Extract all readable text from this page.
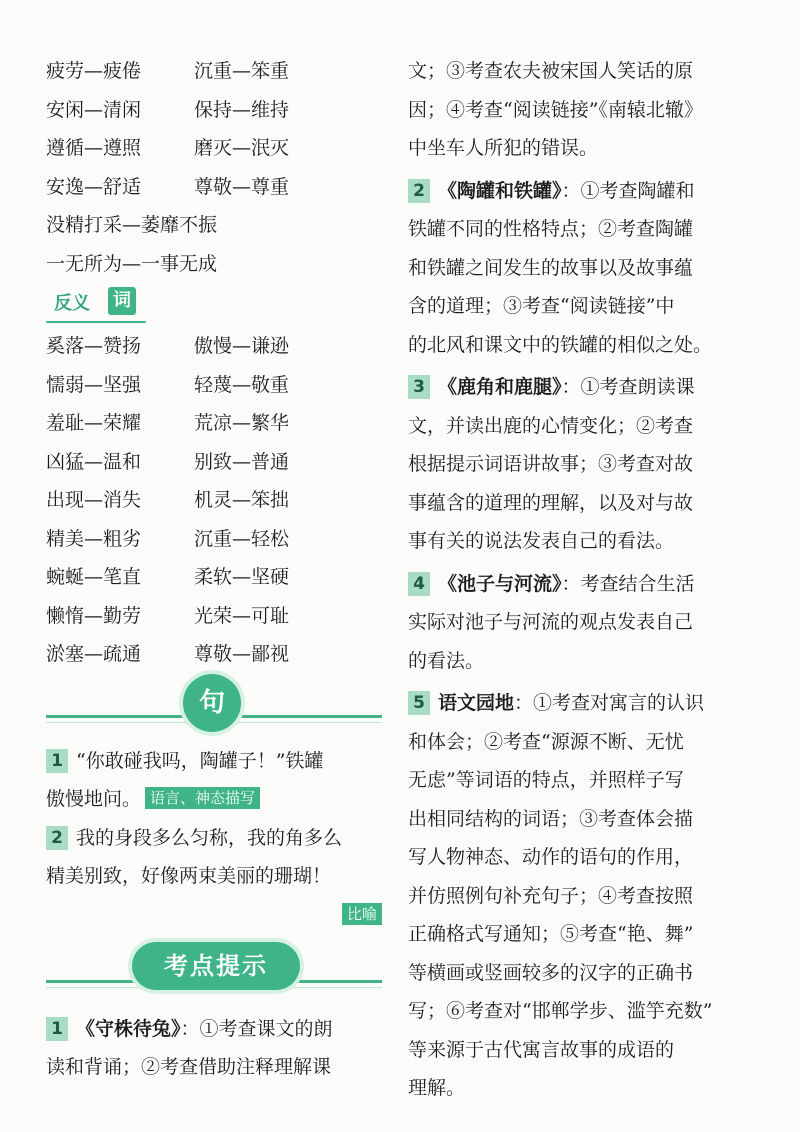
疲劳—疲倦	沉重—笨重
安闲—清闲	保持—维持
遵循—遵照	磨灭—泯灭
安逸—舒适	尊敬—尊重
没精打采—萎靡不振
一无所为—一事无成
反义 词
奚落—赞扬	傲慢—谦逊
懦弱—坚强	轻蔑—敬重
羞耻—荣耀	荒凉—繁华
凶猛—温和	别致—普通
出现—消失	机灵—笨拙
精美—粗劣	沉重—轻松
蜿蜒—笔直	柔软—坚硬
懒惰—勤劳	光荣—可耻
淤塞—疏通	尊敬—鄙视
句
1 “你敢碰我吗，陶罐子！”铁罐
傲慢地问。 语言、神态描写
2 我的身段多么匀称，我的角多么
精美别致，好像两束美丽的珊瑚！
比喻
考点提示
1 《守株待兔》：①考查课文的朗
读和背诵；②考查借助注释理解课
文；③考查农夫被宋国人笑话的原
因；④考查“阅读链接”《南辕北辙》
中坐车人所犯的错误。
2 《陶罐和铁罐》：①考查陶罐和
铁罐不同的性格特点；②考查陶罐
和铁罐之间发生的故事以及故事蕴
含的道理；③考查“阅读链接”中
的北风和课文中的铁罐的相似之处。
3 《鹿角和鹿腿》：①考查朗读课
文，并读出鹿的心情变化；②考查
根据提示词语讲故事；③考查对故
事蕴含的道理的理解，以及对与故
事有关的说法发表自己的看法。
4 《池子与河流》：考查结合生活
实际对池子与河流的观点发表自己
的看法。
5 语文园地：①考查对寓言的认识
和体会；②考查“源源不断、无忧
无虑”等词语的特点，并照样子写
出相同结构的词语；③考查体会描
写人物神态、动作的语句的作用，
并仿照例句补充句子；④考查按照
正确格式写通知；⑤考查“艳、舞”
等横画或竖画较多的汉字的正确书
写；⑥考查对“邯郸学步、滥竽充数”
等来源于古代寓言故事的成语的
理解。
